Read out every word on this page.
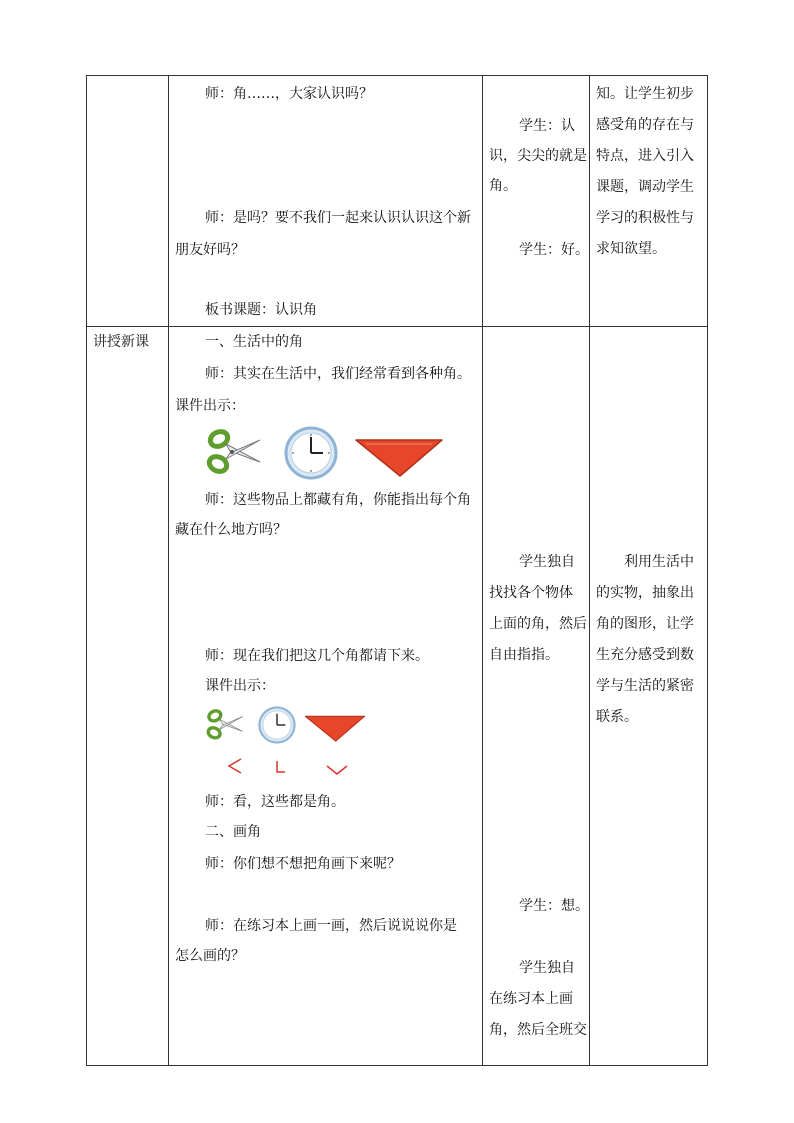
师：角……，大家认识吗？
师：是吗？要不我们一起来认识认识这个新
朋友好吗？
板书课题：认识角
学生：认
识，尖尖的就是
角。
学生：好。
知。让学生初步
感受角的存在与
特点，进入引入
课题，调动学生
学习的积极性与
求知欲望。
讲授新课	一、生活中的角
师：其实在生活中，我们经常看到各种角。
课件出示：
师：这些物品上都藏有角，你能指出每个角
藏在什么地方吗？
师：现在我们把这几个角都请下来。
课件出示：
师：看，这些都是角。
二、画角
师：你们想不想把角画下来呢？
师：在练习本上画一画，然后说说说你是
怎么画的？
学生独自
找找各个物体
上面的角，然后
自由指指。
学生：想。
学生独自
在练习本上画
角，然后全班交
利用生活中
的实物，抽象出
角的图形，让学
生充分感受到数
学与生活的紧密
联系。
